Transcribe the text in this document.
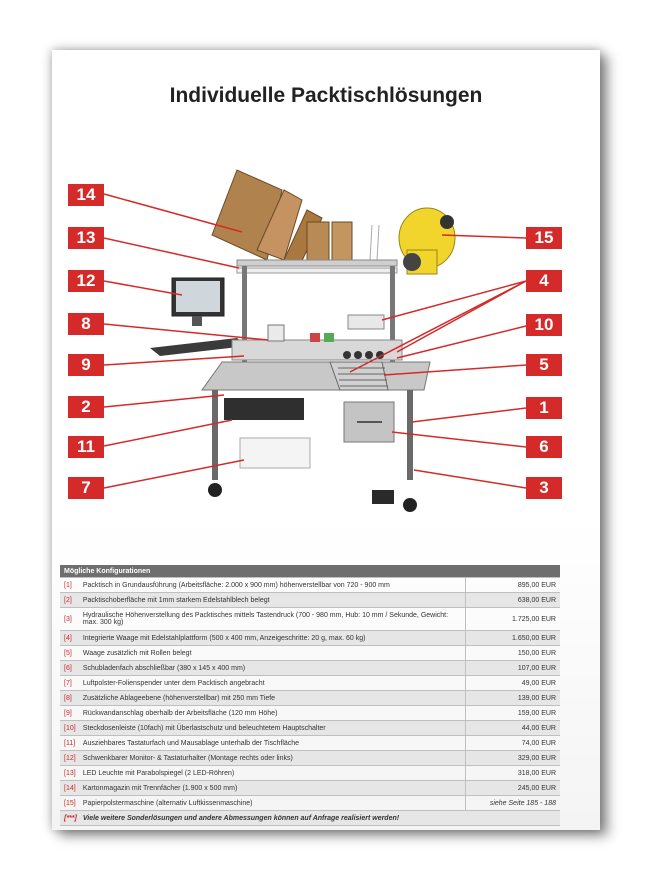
Individuelle Packtischlösungen
14
13
12
8
9
2
11
7
15
4
10
5
1
6
3
Mögliche Konfigurationen		
[1]	Packtisch in Grundausführung (Arbeitsfläche: 2.000 x 900 mm) höhenverstellbar von 720 - 900 mm	895,00 EUR
[2]	Packtischoberfläche mit 1mm starkem Edelstahlblech belegt	638,00 EUR
[3]	Hydraulische Höhenverstellung des Packtisches mittels Tastendruck (700 - 980 mm, Hub: 10 mm / Sekunde, Gewicht: max. 300 kg)	1.725,00 EUR
[4]	Integrierte Waage mit Edelstahlplattform (500 x 400 mm, Anzeigeschritte: 20 g, max. 60 kg)	1.650,00 EUR
[5]	Waage zusätzlich mit Rollen belegt	150,00 EUR
[6]	Schubladenfach abschließbar (380 x 145 x 400 mm)	107,00 EUR
[7]	Luftpolster-Folienspender unter dem Packtisch angebracht	49,00 EUR
[8]	Zusätzliche Ablageebene (höhenverstellbar) mit 250 mm Tiefe	139,00 EUR
[9]	Rückwandanschlag oberhalb der Arbeitsfläche (120 mm Höhe)	159,00 EUR
[10]	Steckdosenleiste (10fach) mit Überlastschutz und beleuchtetem Hauptschalter	44,00 EUR
[11]	Ausziehbares Tastaturfach und Mausablage unterhalb der Tischfläche	74,00 EUR
[12]	Schwenkbarer Monitor- & Tastaturhalter (Montage rechts oder links)	329,00 EUR
[13]	LED Leuchte mit Parabolspiegel (2 LED-Röhren)	318,00 EUR
[14]	Kartonmagazin mit Trennfächer (1.900 x 500 mm)	245,00 EUR
[15]	Papierpolstermaschine (alternativ Luftkissenmaschine)	siehe Seite 185 - 188
[***]	Viele weitere Sonderlösungen und andere Abmessungen können auf Anfrage realisiert werden!	
